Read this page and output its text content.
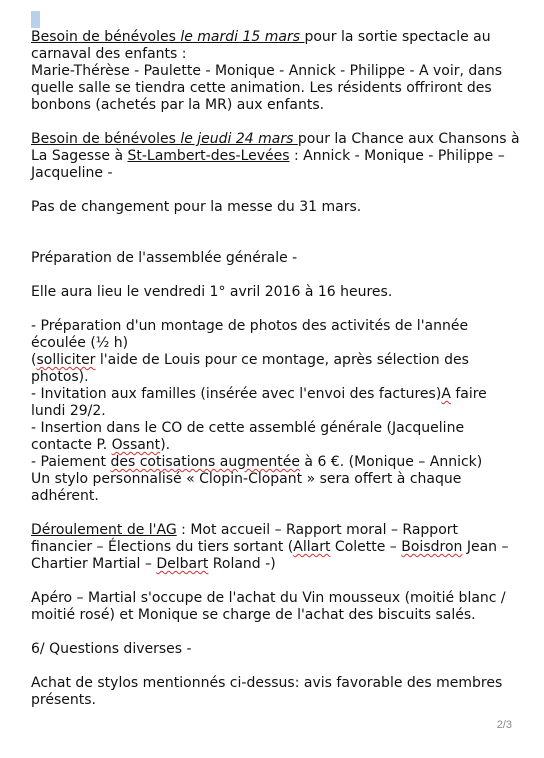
Besoin de bénévoles le mardi 15 mars pour la sortie spectacle au carnaval des enfants :

Marie-Thérèse - Paulette - Monique - Annick - Philippe - A voir, dans quelle salle se tiendra cette animation. Les résidents offriront des bonbons (achetés par la MR) aux enfants.

Besoin de bénévoles le jeudi 24 mars pour la Chance aux Chansons à La Sagesse à St-Lambert-des-Levées : Annick - Monique - Philippe – Jacqueline -

Pas de changement pour la messe du 31 mars.

Préparation de l'assemblée générale -

Elle aura lieu le vendredi 1° avril 2016 à 16 heures.

- Préparation d'un montage de photos des activités de l'année écoulée (½ h)

(solliciter l'aide de Louis pour ce montage, après sélection des photos).

- Invitation aux familles (insérée avec l'envoi des factures)A faire lundi 29/2.

- Insertion dans le CO de cette assemblé générale (Jacqueline contacte P. Ossant).

- Paiement des cotisations augmentée à 6 €. (Monique – Annick)

Un stylo personnalisé « Clopin-Clopant » sera offert à chaque adhérent.

Déroulement de l'AG : Mot accueil – Rapport moral – Rapport financier – Élections du tiers sortant (Allart Colette – Boisdron Jean – Chartier Martial – Delbart Roland -)

Apéro – Martial s'occupe de l'achat du Vin mousseux (moitié blanc / moitié rosé) et Monique se charge de l'achat des biscuits salés.

6/ Questions diverses -

Achat de stylos mentionnés ci-dessus: avis favorable des membres présents.

2/3
